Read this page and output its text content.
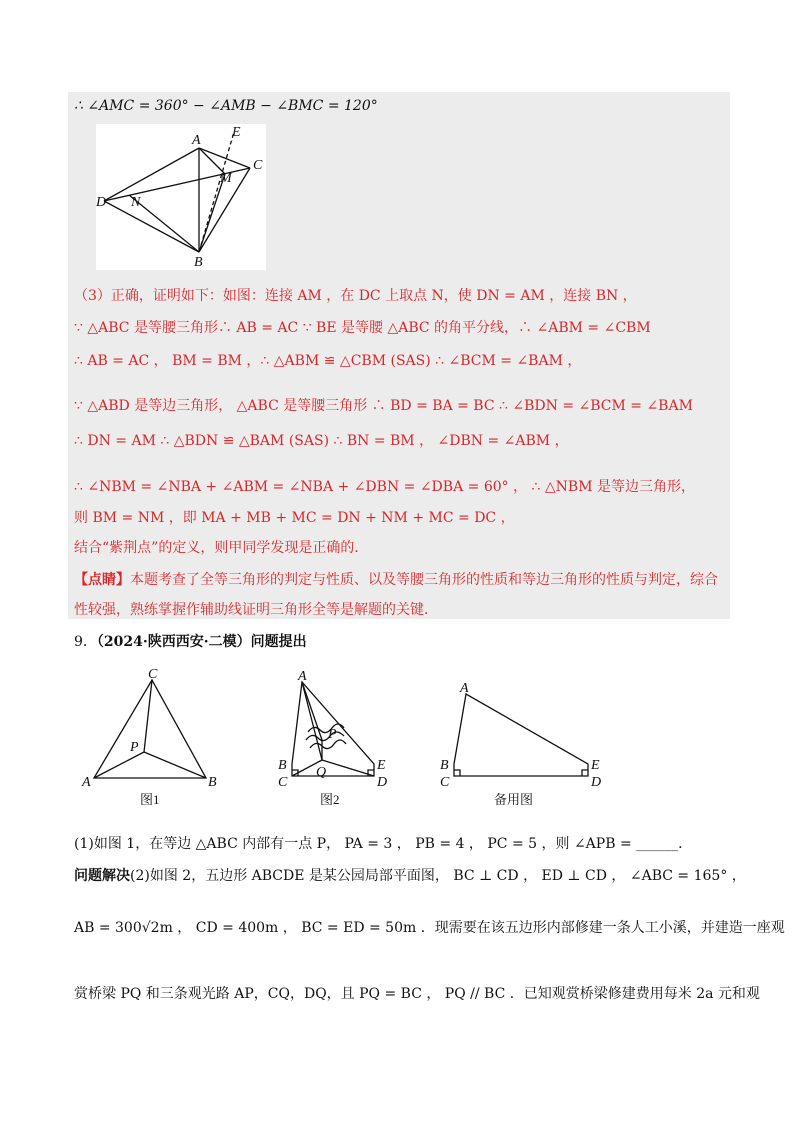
∴ ∠AMC = 360° − ∠AMB − ∠BMC = 120°
A
E
C
M
D N
B
（3）正确，证明如下：如图：连接 AM ，在 DC 上取点 N，使 DN = AM ，连接 BN ，
∵ △ABC 是等腰三角形∴ AB = AC ∵ BE 是等腰 △ABC 的角平分线，∴ ∠ABM = ∠CBM
∴ AB = AC ， BM = BM ，∴ △ABM ≌ △CBM (SAS) ∴ ∠BCM = ∠BAM ，
∵ △ABD 是等边三角形， △ABC 是等腰三角形 ∴ BD = BA = BC ∴ ∠BDN = ∠BCM = ∠BAM
∴ DN = AM ∴ △BDN ≌ △BAM (SAS) ∴ BN = BM ， ∠DBN = ∠ABM ，
∴ ∠NBM = ∠NBA + ∠ABM = ∠NBA + ∠DBN = ∠DBA = 60° ， ∴ △NBM 是等边三角形，
则 BM = NM ，即 MA + MB + MC = DN + NM + MC = DC ，
结合“紫荆点”的定义，则甲同学发现是正确的．
【点睛】本题考查了全等三角形的判定与性质、以及等腰三角形的性质和等边三角形的性质与判定，综合
性较强，熟练掌握作辅助线证明三角形全等是解题的关键．
9．（2024·陕西西安·二模）问题提出
C
P
A	B
图1
A
P
Q
B	E
C	D
图2
A
B	E
C	D
备用图
(1)如图 1，在等边 △ABC 内部有一点 P， PA = 3 ， PB = 4 ， PC = 5 ，则 ∠APB = ______．
问题解决(2)如图 2，五边形 ABCDE 是某公园局部平面图， BC ⊥ CD ， ED ⊥ CD ， ∠ABC = 165° ，
AB = 300√2m ， CD = 400m ， BC = ED = 50m ．现需要在该五边形内部修建一条人工小溪，并建造一座观
赏桥梁 PQ 和三条观光路 AP，CQ，DQ，且 PQ = BC ， PQ // BC ．已知观赏桥梁修建费用每米 2a 元和观
